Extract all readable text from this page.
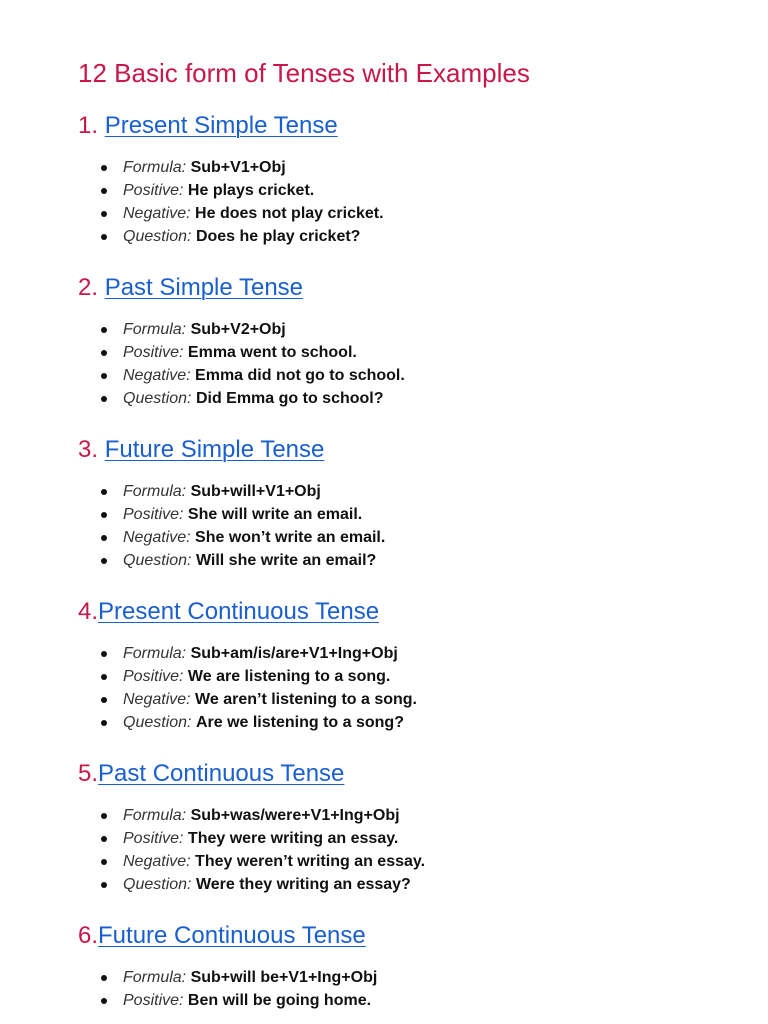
12 Basic form of Tenses with Examples
1. Present Simple Tense
Formula: Sub+V1+Obj
Positive: He plays cricket.
Negative: He does not play cricket.
Question: Does he play cricket?
2. Past Simple Tense
Formula: Sub+V2+Obj
Positive: Emma went to school.
Negative: Emma did not go to school.
Question: Did Emma go to school?
3. Future Simple Tense
Formula: Sub+will+V1+Obj
Positive: She will write an email.
Negative: She won’t write an email.
Question: Will she write an email?
4.Present Continuous Tense
Formula: Sub+am/is/are+V1+Ing+Obj
Positive: We are listening to a song.
Negative: We aren’t listening to a song.
Question: Are we listening to a song?
5.Past Continuous Tense
Formula: Sub+was/were+V1+Ing+Obj
Positive: They were writing an essay.
Negative: They weren’t writing an essay.
Question: Were they writing an essay?
6.Future Continuous Tense
Formula: Sub+will be+V1+Ing+Obj
Positive: Ben will be going home.
